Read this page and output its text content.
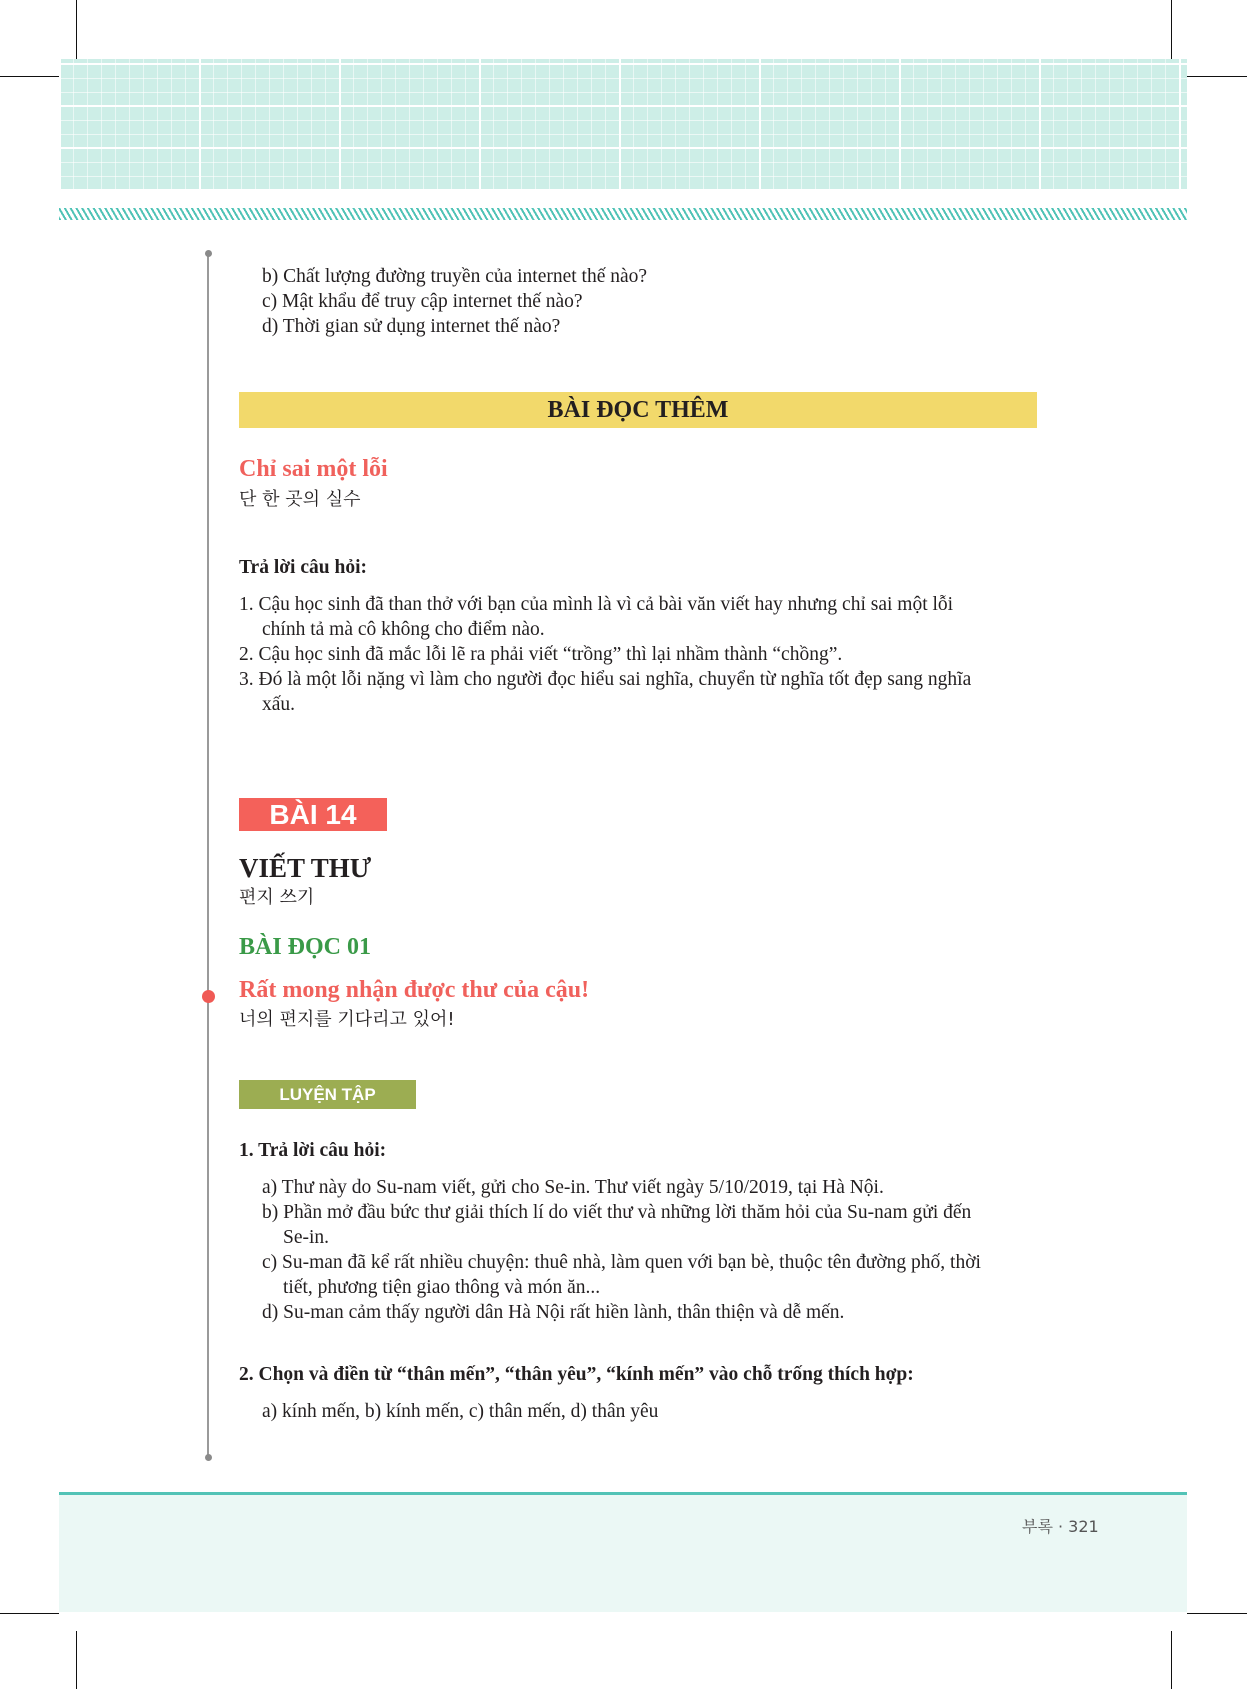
b) Chất lượng đường truyền của internet thế nào?
c) Mật khẩu để truy cập internet thế nào?
d) Thời gian sử dụng internet thế nào?
BÀI ĐỌC THÊM
Chỉ sai một lỗi
단 한 곳의 실수
Trả lời câu hỏi:
1. Cậu học sinh đã than thở với bạn của mình là vì cả bài văn viết hay nhưng chỉ sai một lỗi
chính tả mà cô không cho điểm nào.
2. Cậu học sinh đã mắc lỗi lẽ ra phải viết “trồng” thì lại nhầm thành “chồng”.
3. Đó là một lỗi nặng vì làm cho người đọc hiểu sai nghĩa, chuyển từ nghĩa tốt đẹp sang nghĩa
xấu.
BÀI 14
VIẾT THƯ
편지 쓰기
BÀI ĐỌC 01
Rất mong nhận được thư của cậu!
너의 편지를 기다리고 있어!
LUYỆN TẬP
1. Trả lời câu hỏi:
a) Thư này do Su-nam viết, gửi cho Se-in. Thư viết ngày 5/10/2019, tại Hà Nội.
b) Phần mở đầu bức thư giải thích lí do viết thư và những lời thăm hỏi của Su-nam gửi đến
Se-in.
c) Su-man đã kể rất nhiều chuyện: thuê nhà, làm quen với bạn bè, thuộc tên đường phố, thời
tiết, phương tiện giao thông và món ăn...
d) Su-man cảm thấy người dân Hà Nội rất hiền lành, thân thiện và dễ mến.
2. Chọn và điền từ “thân mến”, “thân yêu”, “kính mến” vào chỗ trống thích hợp:
a) kính mến, b) kính mến, c) thân mến, d) thân yêu
부록 · 321
